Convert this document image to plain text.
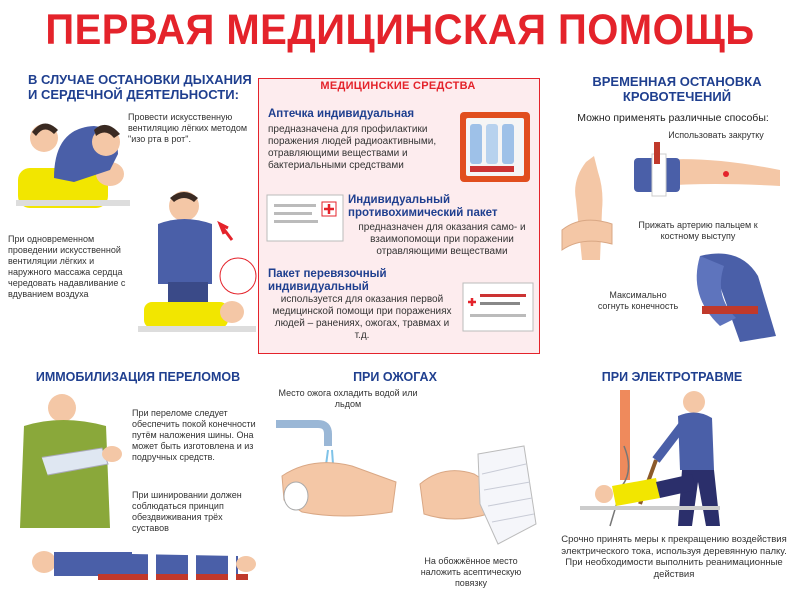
ПЕРВАЯ МЕДИЦИНСКАЯ ПОМОЩЬ
В СЛУЧАЕ ОСТАНОВКИ ДЫХАНИЯ И СЕРДЕЧНОЙ ДЕЯТЕЛЬНОСТИ:
Провести искусственную вентиляцию лёгких методом "изо рта в рот".
При одновременном проведении искусственной вентиляции лёгких и наружного массажа сердца чередовать надавливание с вдуванием воздуха
МЕДИЦИНСКИЕ СРЕДСТВА
Аптечка индивидуальная
предназначена для профилактики поражения людей радиоактивными, отравляющими веществами и бактериальными средствами
Индивидуальный противохимический пакет
предназначен для оказания само- и взаимопомощи при поражении отравляющими веществами
Пакет перевязочный индивидуальный
используется для оказания первой медицинской помощи при поражениях людей – ранениях, ожогах, травмах и т.д.
ВРЕМЕННАЯ ОСТАНОВКА КРОВОТЕЧЕНИЙ
Можно применять различные способы:
Использовать закрутку
Прижать артерию пальцем к костному выступу
Максимально согнуть конечность
ИММОБИЛИЗАЦИЯ ПЕРЕЛОМОВ
При переломе следует обеспечить покой конечности путём наложения шины. Она может быть изготовлена и из подручных средств.
При шинировании должен соблюдаться принцип обездвиживания трёх суставов
ПРИ ОЖОГАХ
Место ожога охладить водой или льдом
На обожжённое место наложить асептическую повязку
ПРИ ЭЛЕКТРОТРАВМЕ
Срочно принять меры к прекращению воздействия электрического тока, используя деревянную палку. При необходимости выполнить реанимационные действия
